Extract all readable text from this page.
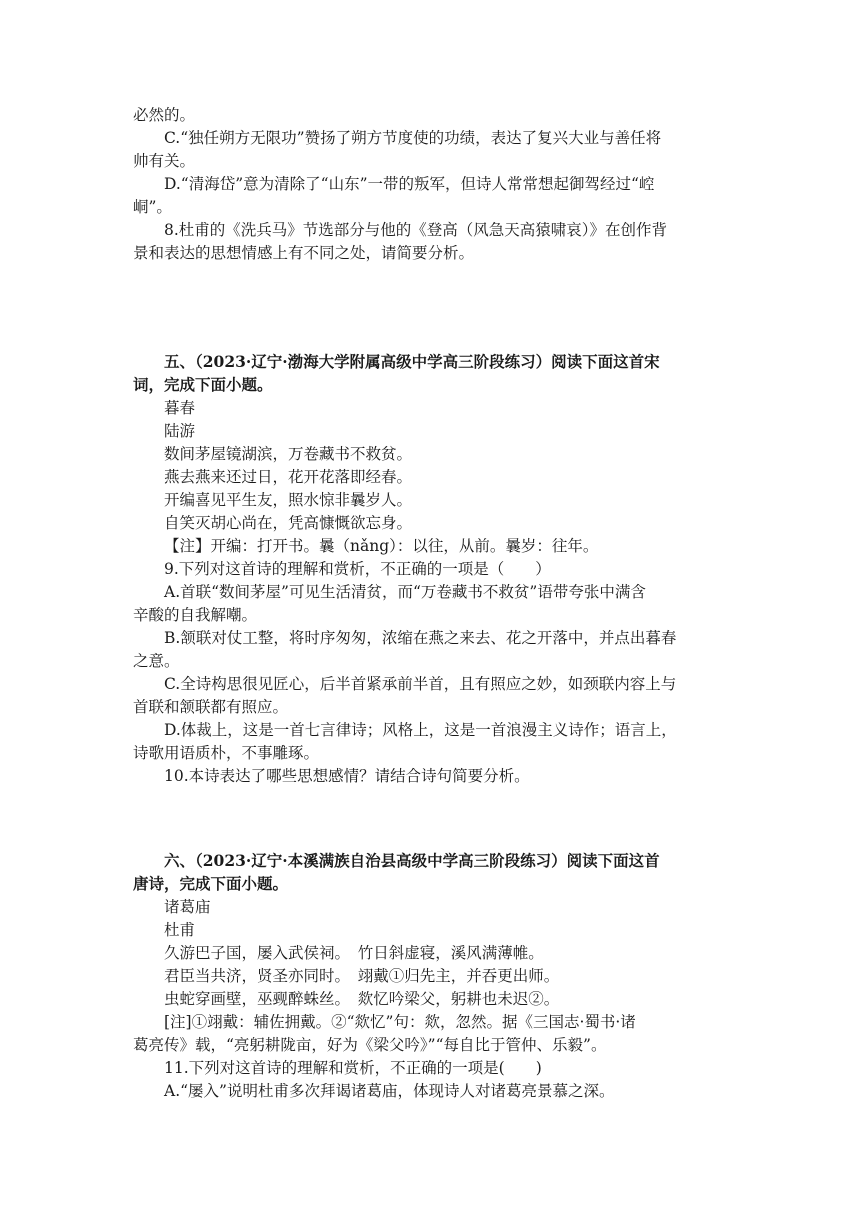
必然的。
C.“独任朔方无限功”赞扬了朔方节度使的功绩，表达了复兴大业与善任将
帅有关。
D.“清海岱”意为清除了“山东”一带的叛军，但诗人常常想起御驾经过“崆
峒”。
8.杜甫的《洗兵马》节选部分与他的《登高（风急天高猿啸哀）》在创作背
景和表达的思想情感上有不同之处，请简要分析。
五、（2023·辽宁·渤海大学附属高级中学高三阶段练习）阅读下面这首宋
词，完成下面小题。
暮春
陆游
数间茅屋镜湖滨，万卷藏书不救贫。
燕去燕来还过日，花开花落即经春。
开编喜见平生友，照水惊非曩岁人。
自笑灭胡心尚在，凭高慷慨欲忘身。
【注】开编：打开书。曩（nǎng）：以往，从前。曩岁：往年。
9.下列对这首诗的理解和赏析，不正确的一项是（　　）
A.首联“数间茅屋”可见生活清贫，而“万卷藏书不救贫”语带夸张中满含
辛酸的自我解嘲。
B.颔联对仗工整，将时序匆匆，浓缩在燕之来去、花之开落中，并点出暮春
之意。
C.全诗构思很见匠心，后半首紧承前半首，且有照应之妙，如颈联内容上与
首联和颔联都有照应。
D.体裁上，这是一首七言律诗；风格上，这是一首浪漫主义诗作；语言上，
诗歌用语质朴，不事雕琢。
10.本诗表达了哪些思想感情？请结合诗句简要分析。
六、（2023·辽宁·本溪满族自治县高级中学高三阶段练习）阅读下面这首
唐诗，完成下面小题。
诸葛庙
杜甫
久游巴子国，屡入武侯祠。　竹日斜虚寝，溪风满薄帷。
君臣当共济，贤圣亦同时。　翊戴①归先主，并吞更出师。
虫蛇穿画壁，巫觋醉蛛丝。　欻忆吟梁父，躬耕也未迟②。
[注]①翊戴：辅佐拥戴。②“欻忆”句：欻，忽然。据《三国志·蜀书·诸
葛亮传》载，“亮躬耕陇亩，好为《梁父吟》”“每自比于管仲、乐毅”。
11.下列对这首诗的理解和赏析，不正确的一项是(　　)
A.“屡入”说明杜甫多次拜谒诸葛庙，体现诗人对诸葛亮景慕之深。
